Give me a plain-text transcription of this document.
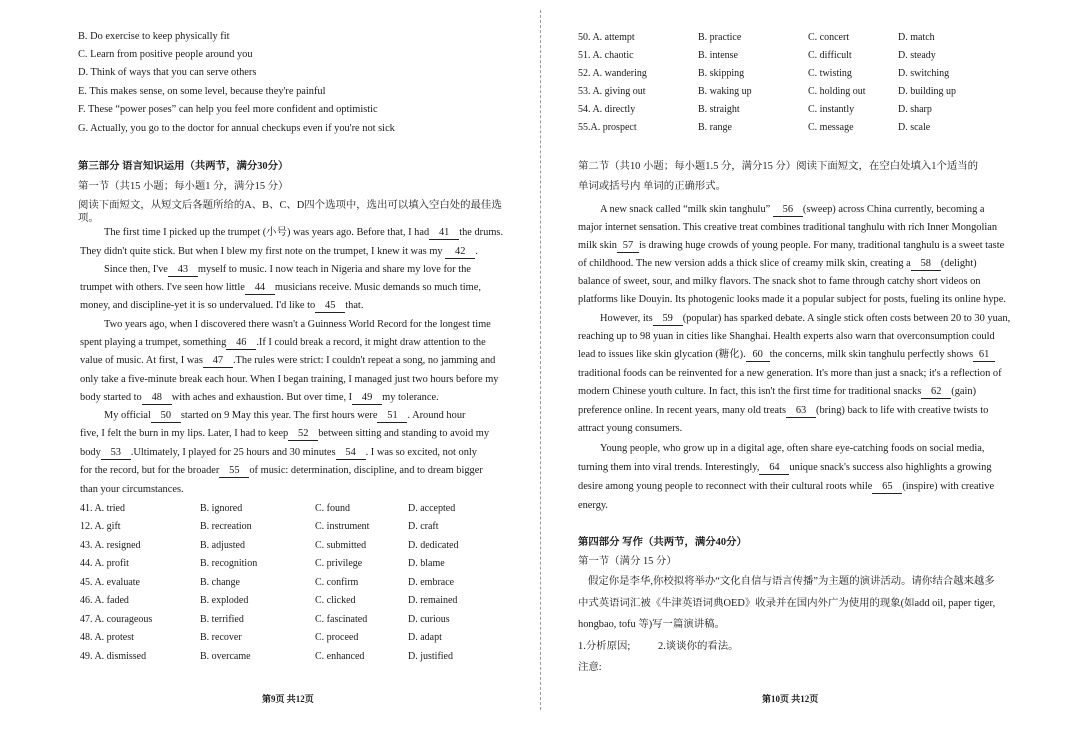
B. Do exercise to keep physically fit
C. Learn from positive people around you
D. Think of ways that you can serve others
E. This makes sense, on some level, because they're painful
F. These “power poses” can help you feel more confident and optimistic
G. Actually, you go to the doctor for annual checkups even if you're not sick
第三部分 语言知识运用（共两节，满分30分）
第一节（共15 小题；每小题1 分，满分15 分）
阅读下面短文，从短文后各题所给的A、B、C、D四个选项中，选出可以填入空白处的最佳选
项。
The first time I picked up the trumpet (小号) was years ago. Before that, I had 41 the drums.
They didn't quite stick. But when I blew my first note on the trumpet, I knew it was my 42 .
Since then, I've 43 myself to music. I now teach in Nigeria and share my love for the
trumpet with others. I've seen how little 44 musicians receive. Music demands so much time,
money, and discipline-yet it is so undervalued. I'd like to 45 that.
Two years ago, when I discovered there wasn't a Guinness World Record for the longest time
spent playing a trumpet, something 46 .If I could break a record, it might draw attention to the
value of music. At first, I was 47 .The rules were strict: I couldn't repeat a song, no jamming and
only take a five-minute break each hour. When I began training, I managed just two hours before my
body started to 48 with aches and exhaustion. But over time, I 49 my tolerance.
My official 50 started on 9 May this year. The first hours were 51 . Around hour
five, I felt the burn in my lips. Later, I had to keep 52 between sitting and standing to avoid my
body 53 .Ultimately, I played for 25 hours and 30 minutes 54 . I was so excited, not only
for the record, but for the broader 55 of music: determination, discipline, and to dream bigger
than your circumstances.
41. A. tried	B. ignored	C. found	D. accepted
12. A. gift	B. recreation	C. instrument	D. craft
43. A. resigned	B. adjusted	C. submitted	D. dedicated
44. A. profit	B. recognition	C. privilege	D. blame
45. A. evaluate	B. change	C. confirm	D. embrace
46. A. faded	B. exploded	C. clicked	D. remained
47. A. courageous	B. terrified	C. fascinated	D. curious
48. A. protest	B. recover	C. proceed	D. adapt
49. A. dismissed	B. overcame	C. enhanced	D. justified
第9页 共12页
50. A. attempt	B. practice	C. concert	D. match
51. A. chaotic	B. intense	C. difficult	D. steady
52. A. wandering	B. skipping	C. twisting	D. switching
53. A. giving out	B. waking up	C. holding out	D. building up
54. A. directly	B. straight	C. instantly	D. sharp
55.A. prospect	B. range	C. message	D. scale
第二节（共10 小题；每小题1.5 分，满分15 分）阅读下面短文，在空白处填入1个适当的
单词或括号内 单词的正确形式。
A new snack called “milk skin tanghulu” 56 (sweep) across China currently, becoming a
major internet sensation. This creative treat combines traditional tanghulu with rich Inner Mongolian
milk skin 57 is drawing huge crowds of young people. For many, traditional tanghulu is a sweet taste
of childhood. The new version adds a thick slice of creamy milk skin, creating a 58 (delight)
balance of sweet, sour, and milky flavors. The snack shot to fame through catchy short videos on
platforms like Douyin. Its photogenic looks made it a popular subject for posts, fueling its online hype.
However, its 59 (popular) has sparked debate. A single stick often costs between 20 to 30 yuan,
reaching up to 98 yuan in cities like Shanghai. Health experts also warn that overconsumption could
lead to issues like skin glycation (糖化). 60 the concerns, milk skin tanghulu perfectly shows 61
traditional foods can be reinvented for a new generation. It's more than just a snack; it's a reflection of
modern Chinese youth culture. In fact, this isn't the first time for traditional snacks 62 (gain)
preference online. In recent years, many old treats 63 (bring) back to life with creative twists to
attract young consumers.
Young people, who grow up in a digital age, often share eye-catching foods on social media,
turning them into viral trends. Interestingly, 64 unique snack's success also highlights a growing
desire among young people to reconnect with their cultural roots while 65 (inspire) with creative
energy.
第四部分 写作（共两节，满分40分）
第一节（满分 15 分）
假定你是李华,你校拟将举办“文化自信与语言传播”为主题的演讲活动。请你结合越来越多
中式英语词汇被《牛津英语词典OED》收录并在国内外广为使用的现象(如add oil, paper tiger,
hongbao, tofu 等)写一篇演讲稿。
1.分析原因;	2.谈谈你的看法。
注意:
第10页 共12页
